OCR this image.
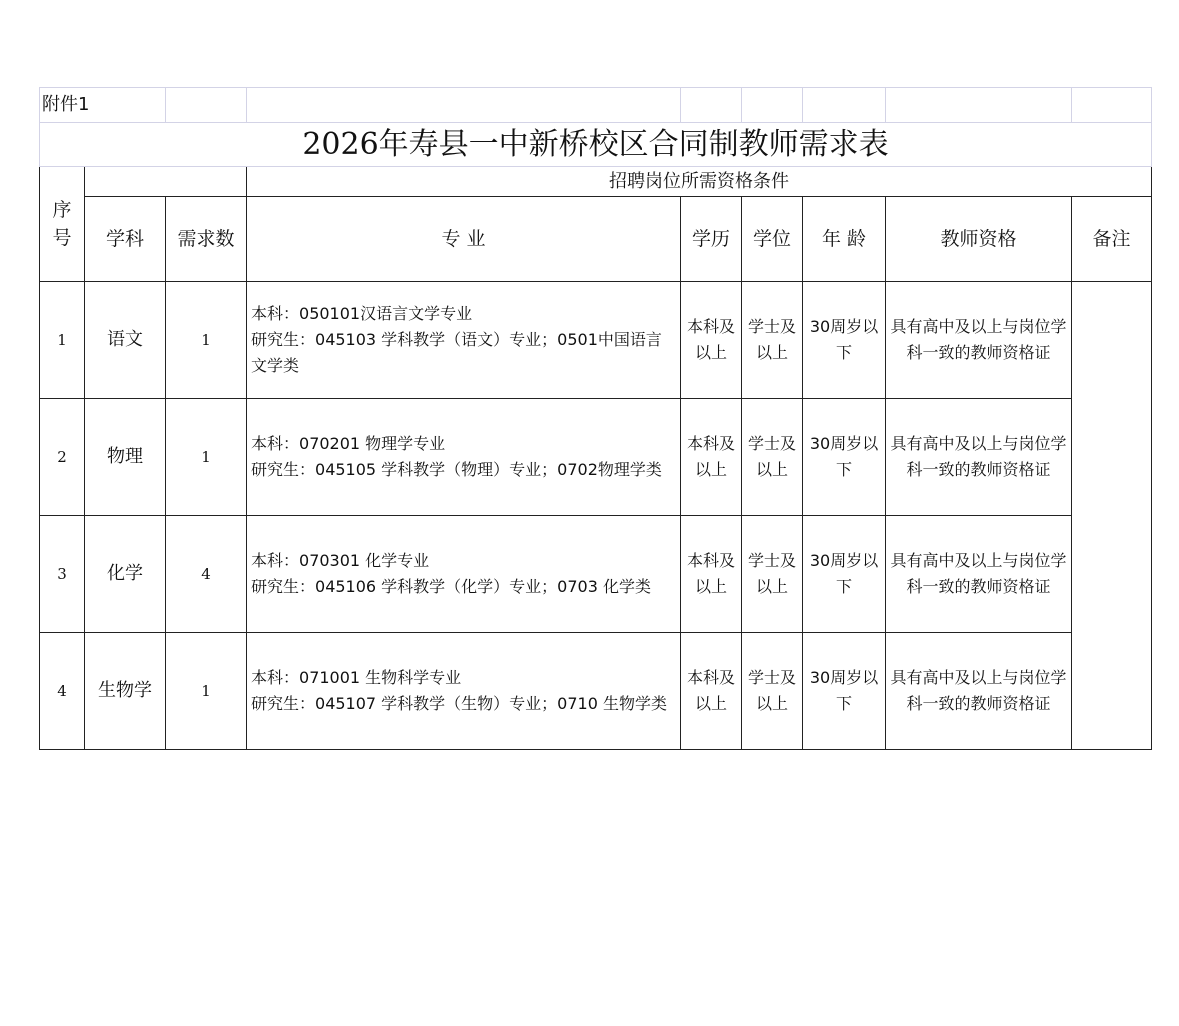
附件1								
2026年寿县一中新桥校区合同制教师需求表								
序号			招聘岗位所需资格条件					
	学科	需求数	专 业	学历	学位	年 龄	教师资格	备注
1	语文	1	本科：050101汉语言文学专业
研究生：045103 学科教学（语文）专业；0501中国语言文学类	本科及以上	学士及以上	30周岁以下	具有高中及以上与岗位学科一致的教师资格证	
2	物理	1	本科：070201 物理学专业
研究生：045105 学科教学（物理）专业；0702物理学类	本科及以上	学士及以上	30周岁以下	具有高中及以上与岗位学科一致的教师资格证	
3	化学	4	本科：070301 化学专业
研究生：045106 学科教学（化学）专业；0703 化学类	本科及以上	学士及以上	30周岁以下	具有高中及以上与岗位学科一致的教师资格证	
4	生物学	1	本科：071001 生物科学专业
研究生：045107 学科教学（生物）专业；0710 生物学类	本科及以上	学士及以上	30周岁以下	具有高中及以上与岗位学科一致的教师资格证	
